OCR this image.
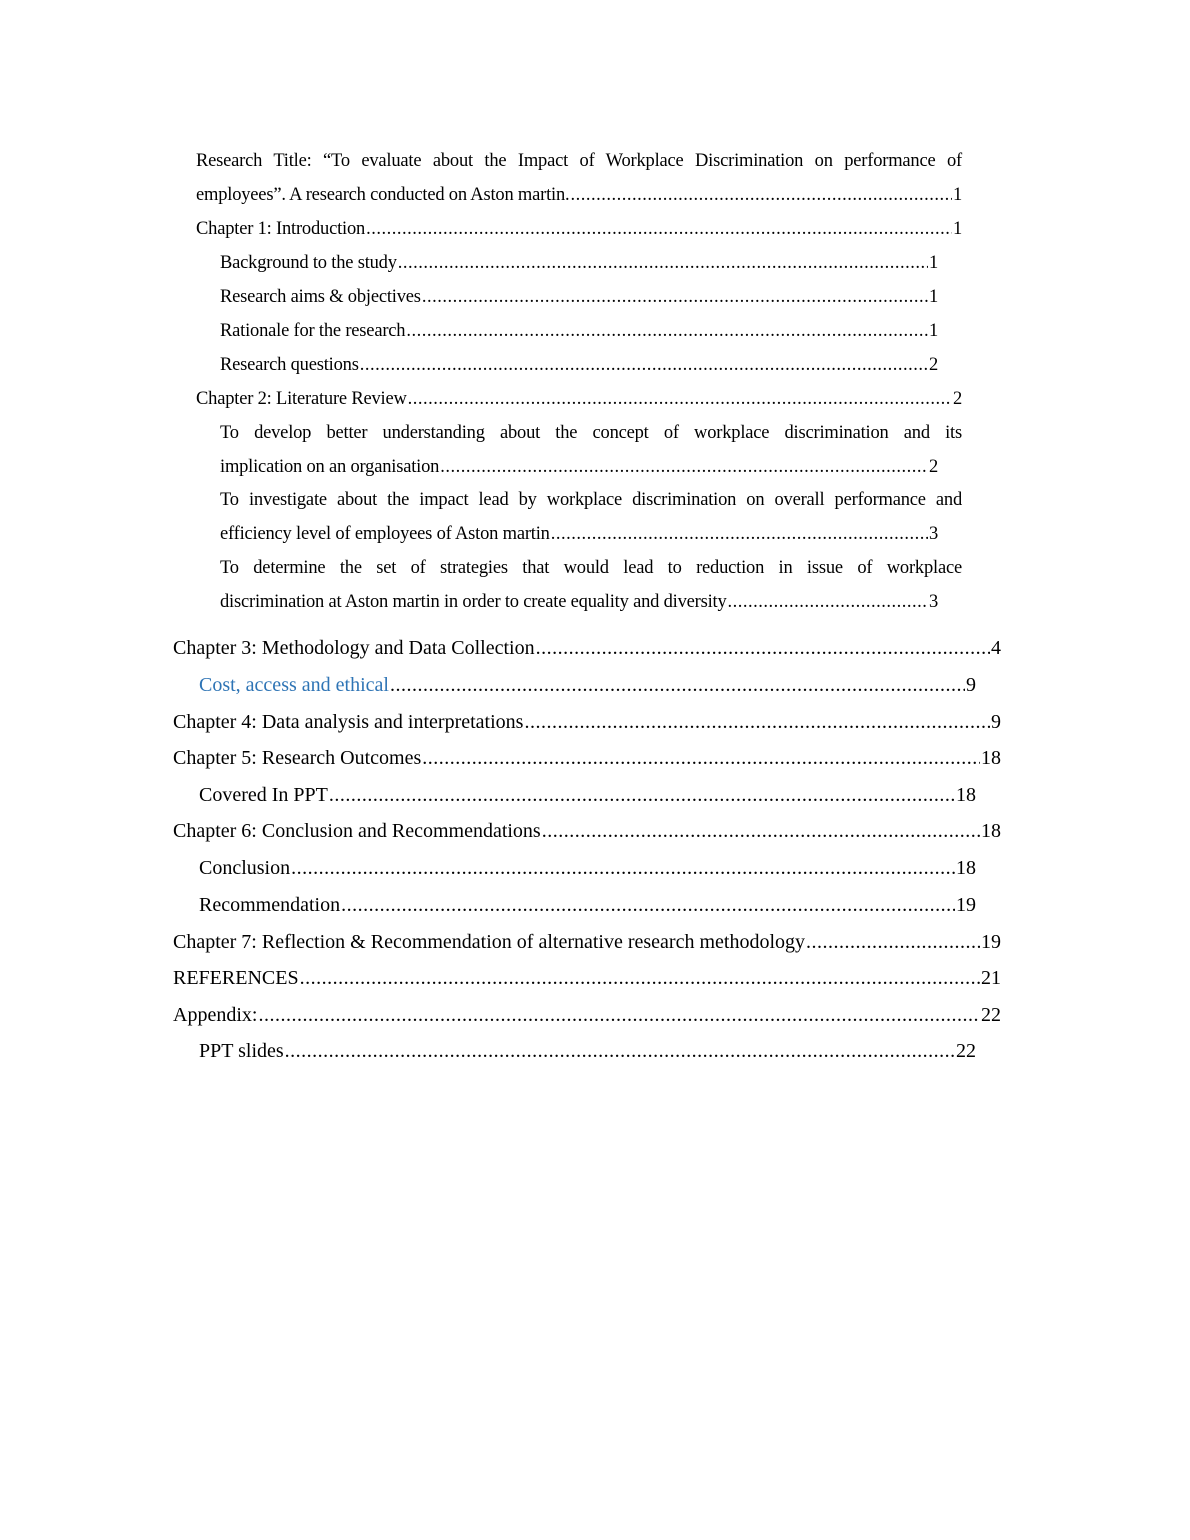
Research Title: “To evaluate about the Impact of Workplace Discrimination on performance of
employees”. A research conducted on Aston martin. .....	1
Chapter 1: Introduction .....	1
Background to the study .....	1
Research aims & objectives .....	1
Rationale for the research .....	1
Research questions .....	2
Chapter 2: Literature Review .....	2
To develop better understanding about the concept of workplace discrimination and its
implication on an organisation .....	2
To investigate about the impact lead by workplace discrimination on overall performance and
efficiency level of employees of Aston martin .....	3
To determine the set of strategies that would lead to reduction in issue of workplace
discrimination at Aston martin in order to create equality and diversity .....	3
Chapter 3: Methodology and Data Collection .....	4
Cost, access and ethical .....	9
Chapter 4: Data analysis and interpretations .....	9
Chapter 5: Research Outcomes .....	18
Covered In PPT .....	18
Chapter 6: Conclusion and Recommendations .....	18
Conclusion .....	18
Recommendation .....	19
Chapter 7: Reflection & Recommendation of alternative research methodology .....	19
REFERENCES .....	21
Appendix: .....	22
PPT slides .....	22
